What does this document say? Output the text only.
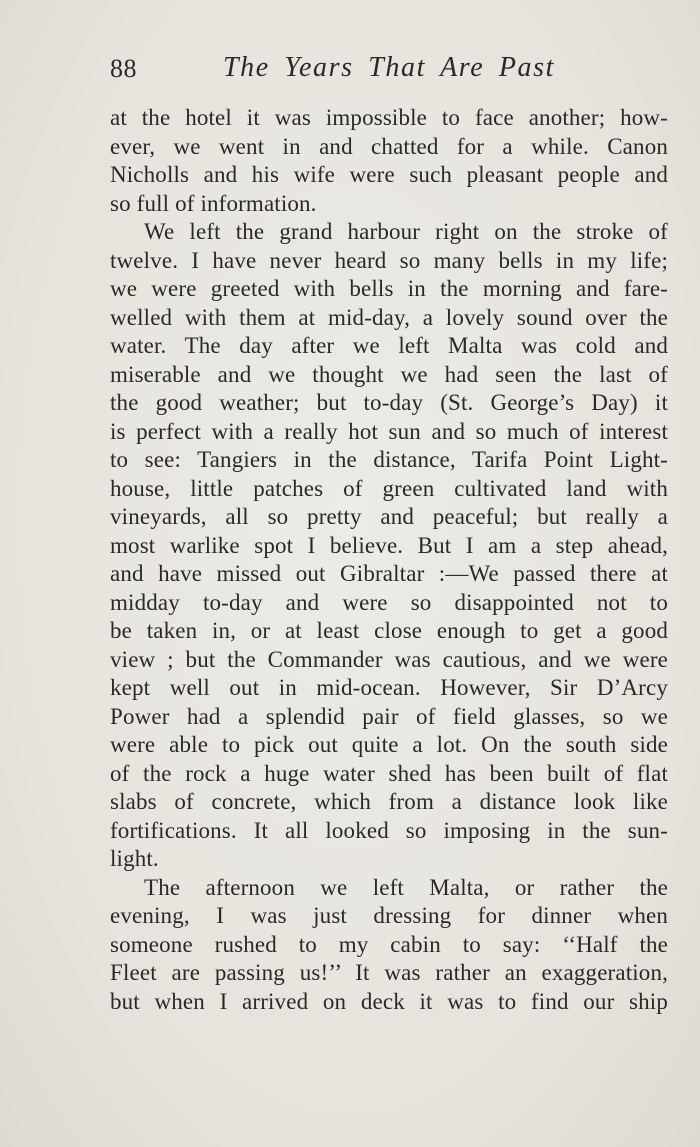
88	The Years That Are Past
at the hotel it was impossible to face another; how-
ever, we went in and chatted for a while. Canon
Nicholls and his wife were such pleasant people and
so full of information.
We left the grand harbour right on the stroke of
twelve. I have never heard so many bells in my life;
we were greeted with bells in the morning and fare-
welled with them at mid-day, a lovely sound over the
water. The day after we left Malta was cold and
miserable and we thought we had seen the last of
the good weather; but to-day (St. George’s Day) it
is perfect with a really hot sun and so much of interest
to see: Tangiers in the distance, Tarifa Point Light-
house, little patches of green cultivated land with
vineyards, all so pretty and peaceful; but really a
most warlike spot I believe. But I am a step ahead,
and have missed out Gibraltar :—We passed there at
midday to-day and were so disappointed not to
be taken in, or at least close enough to get a good
view ; but the Commander was cautious, and we were
kept well out in mid-ocean. However, Sir D’Arcy
Power had a splendid pair of field glasses, so we
were able to pick out quite a lot. On the south side
of the rock a huge water shed has been built of flat
slabs of concrete, which from a distance look like
fortifications. It all looked so imposing in the sun-
light.
The afternoon we left Malta, or rather the
evening, I was just dressing for dinner when
someone rushed to my cabin to say: ‘‘Half the
Fleet are passing us!’’ It was rather an exaggeration,
but when I arrived on deck it was to find our ship
